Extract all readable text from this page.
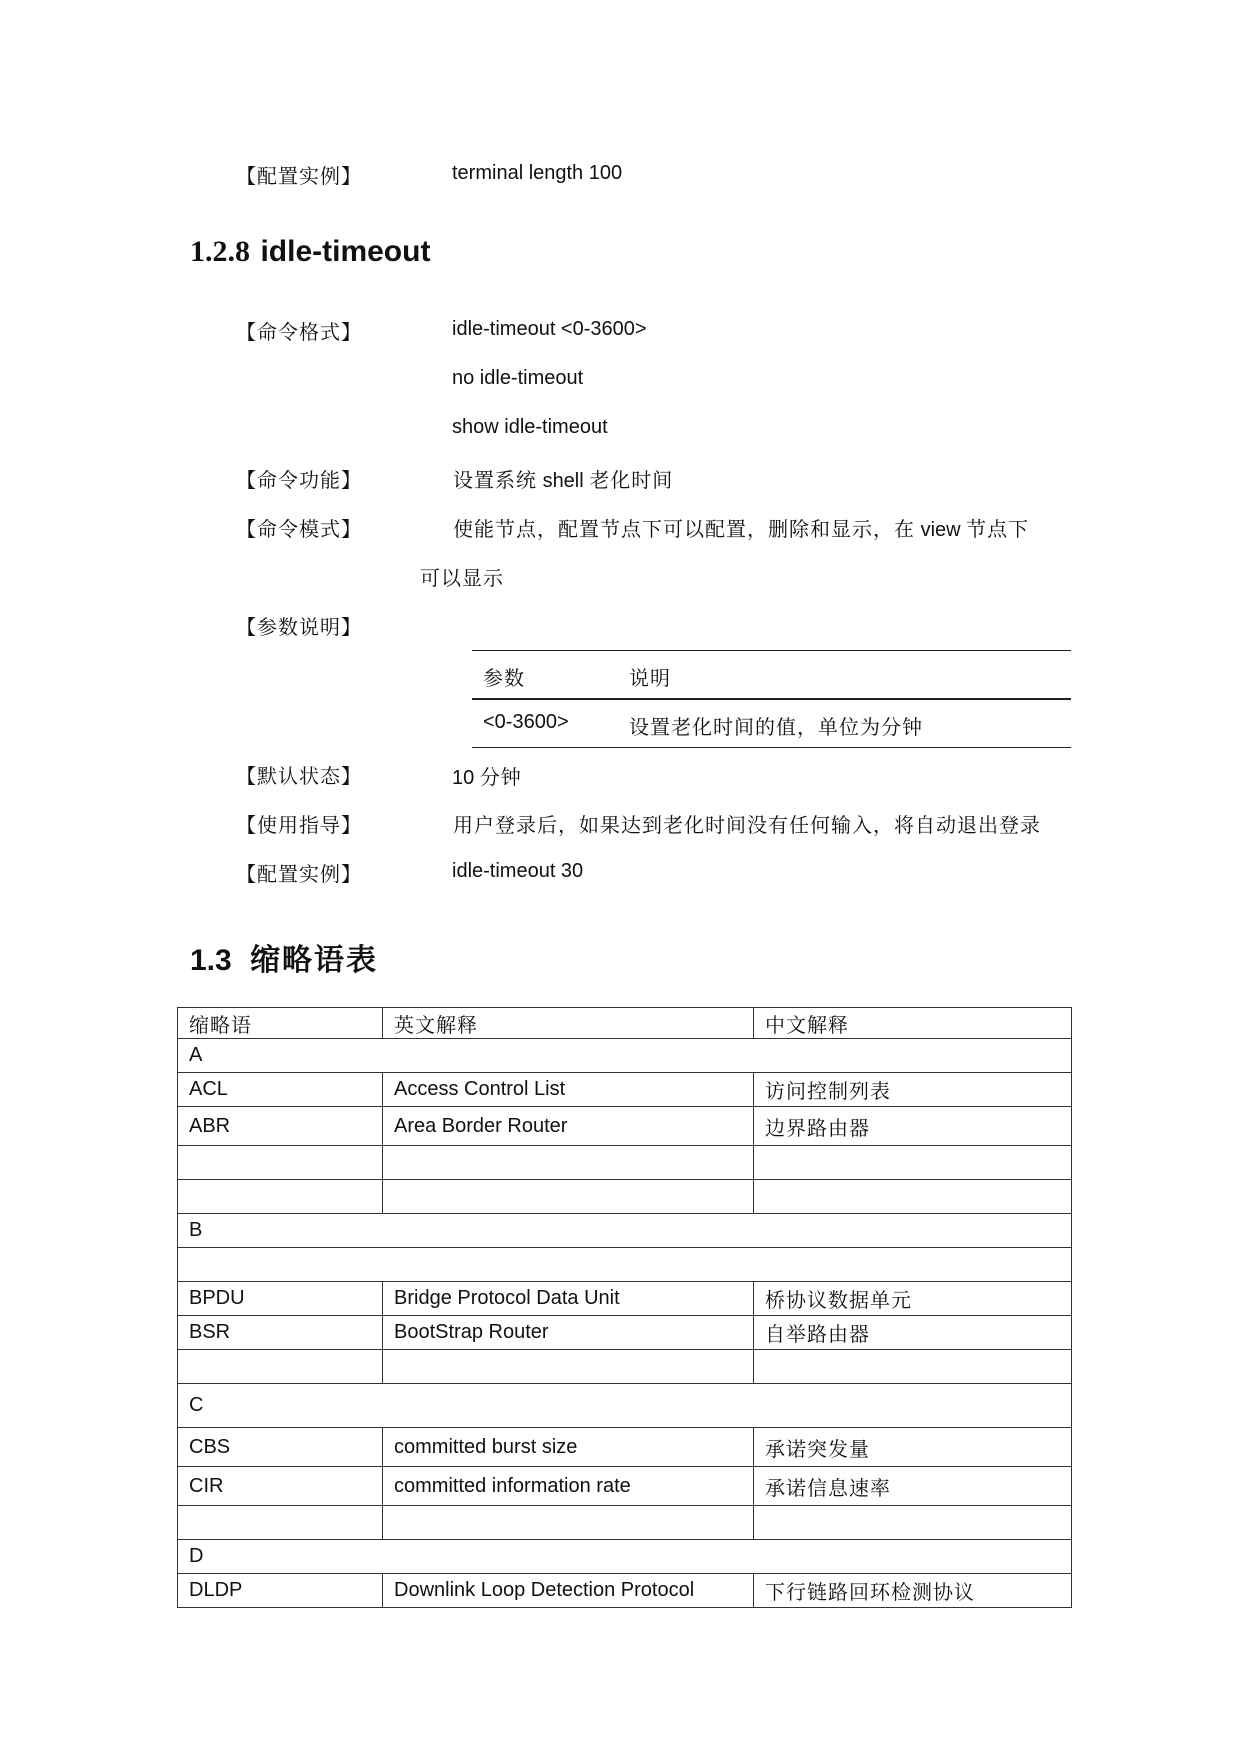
【配置实例】	terminal length 100
1.2.8 idle-timeout
【命令格式】	idle-timeout <0-3600>
no idle-timeout
show idle-timeout
【命令功能】	设置系统 shell 老化时间
【命令模式】	使能节点，配置节点下可以配置，删除和显示，在 view 节点下
可以显示
【参数说明】
参数	说明
<0-3600>	设置老化时间的值，单位为分钟
【默认状态】	10 分钟
【使用指导】	用户登录后，如果达到老化时间没有任何输入，将自动退出登录
【配置实例】	idle-timeout 30
1.3 缩略语表
缩略语	英文解释	中文解释
A		
ACL	Access Control List	访问控制列表
ABR	Area Border Router	边界路由器

B		

BPDU	Bridge Protocol Data Unit	桥协议数据单元
BSR	BootStrap Router	自举路由器

C		
CBS	committed burst size	承诺突发量
CIR	committed information rate	承诺信息速率

D		
DLDP	Downlink Loop Detection Protocol	下行链路回环检测协议
